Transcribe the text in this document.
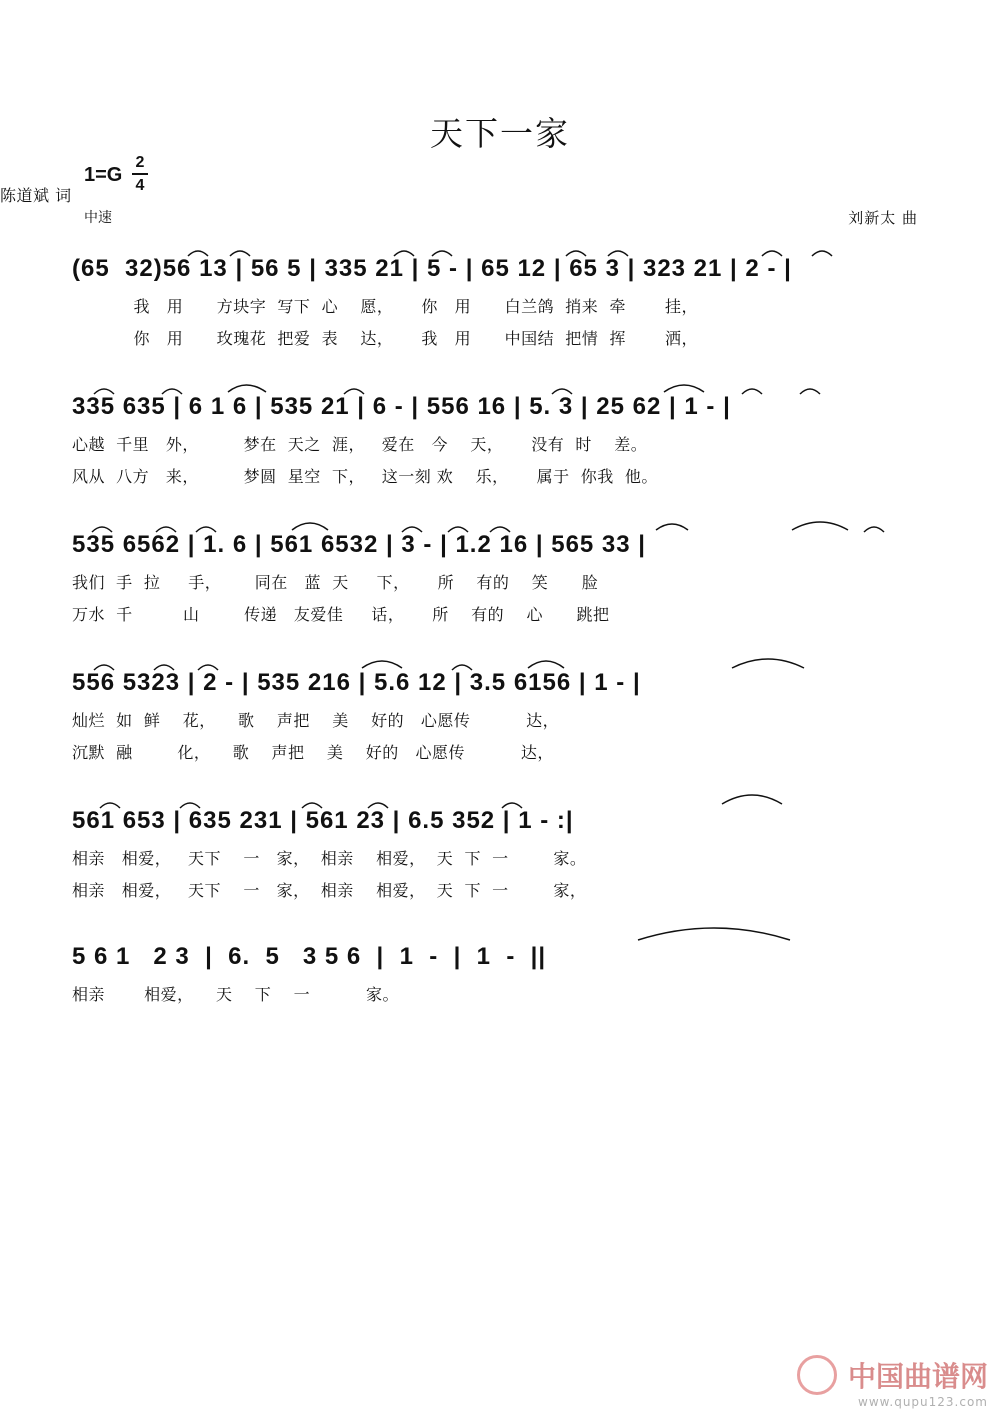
天下一家
1=G
2
4
中速
陈道斌 词
刘新太 曲
(65  32)56 13 | 56 5 | 335 21 | 5 - | 65 12 | 65 3 | 323 21 | 2 - |
我   用      方块字  写下  心    愿，     你   用      白兰鸽  捎来  牵       挂，
你   用      玫瑰花  把爱  表    达，     我   用      中国结  把情  挥       洒，
335 635 | 6 1 6 | 535 21 | 6 - | 556 16 | 5. 3 | 25 62 | 1 - |
心越  千里   外，        梦在  天之  涯，   爱在   今    天，     没有  时    差。
风从  八方   来，        梦圆  星空  下，   这一刻 欢    乐，     属于  你我  他。
535 6562 | 1. 6 | 561 6532 | 3 - | 1.2 16 | 565 33 |
我们  手  拉     手，      同在   蓝  天     下，     所    有的    笑      脸
万水  千         山        传递   友爱佳     话，     所    有的    心      跳把
556 5323 | 2 - | 535 216 | 5.6 12 | 3.5 6156 | 1 - |
灿烂  如  鲜    花，    歌    声把    美    好的   心愿传          达，
沉默  融        化，    歌    声把    美    好的   心愿传          达，
561 653 | 635 231 | 561 23 | 6.5 352 | 1 - :|
相亲   相爱，   天下    一   家，  相亲    相爱，  天  下  一        家。
相亲   相爱，   天下    一   家，  相亲    相爱，  天  下  一        家，
5 6 1   2 3  |  6.  5   3 5 6  |  1  -  |  1  -  ||
相亲       相爱，    天    下    一          家。
中国曲谱网
www.qupu123.com
